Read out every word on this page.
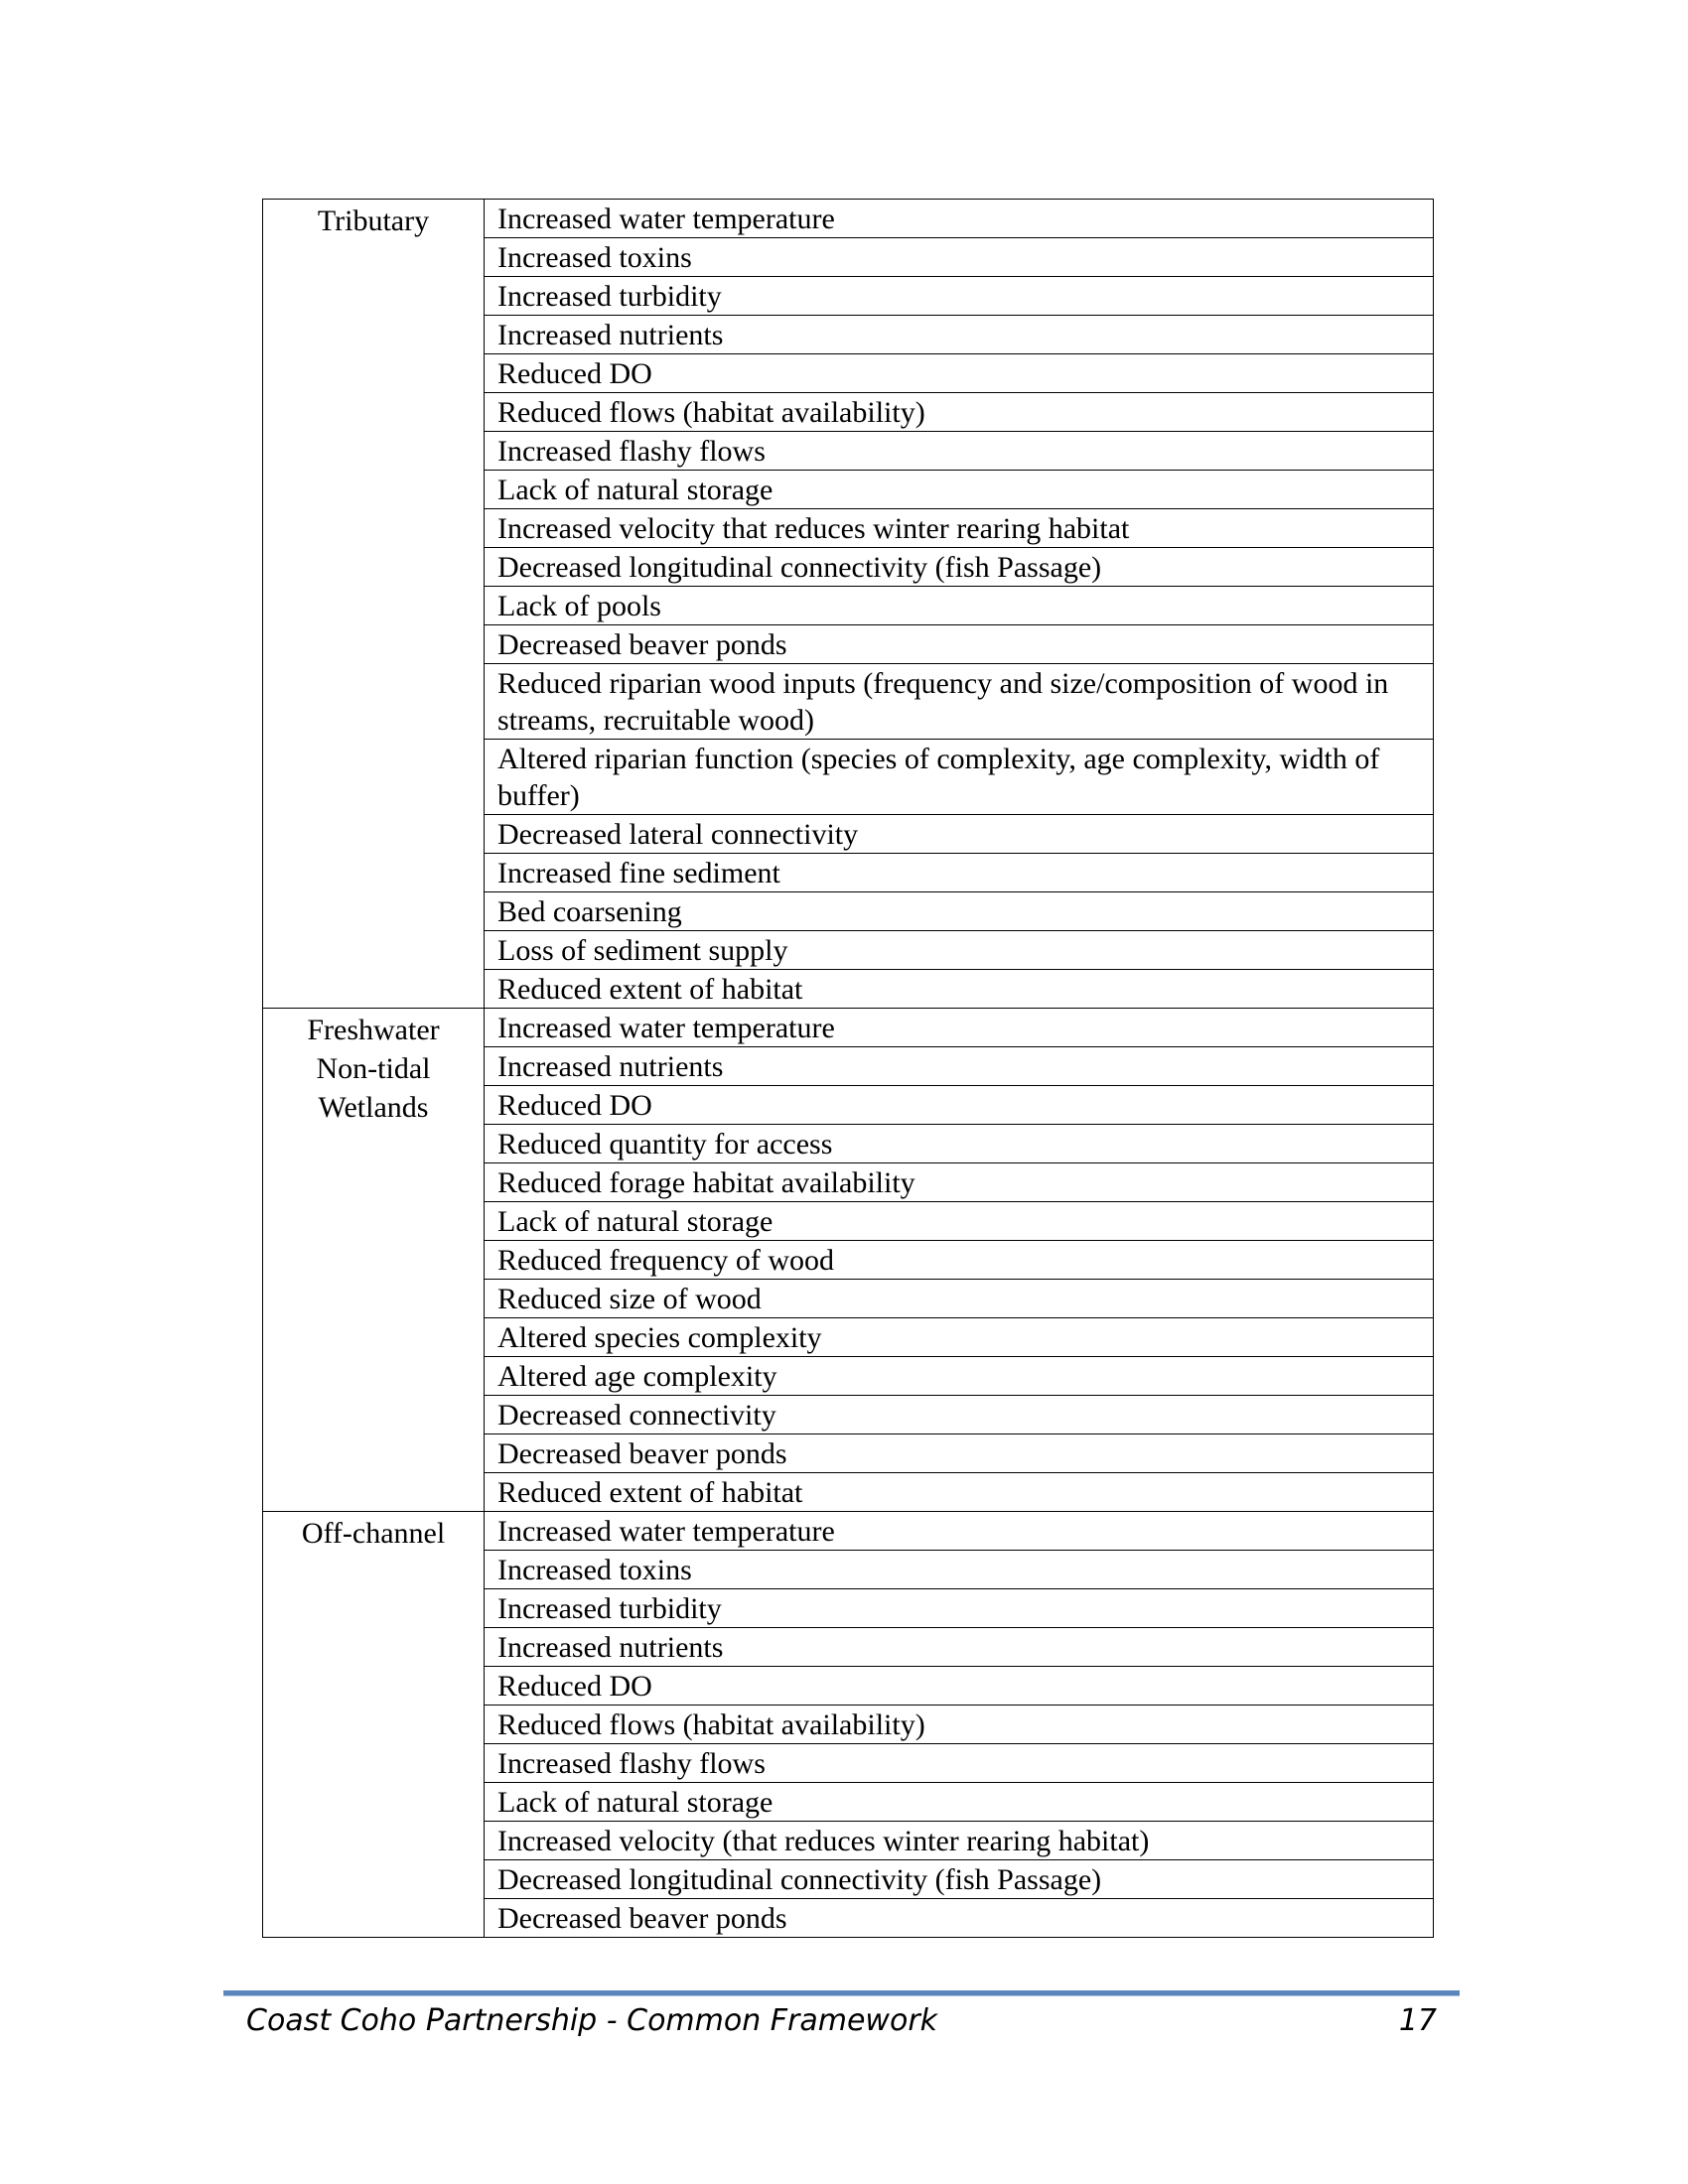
Tributary	Increased water temperature
	Increased toxins
	Increased turbidity
	Increased nutrients
	Reduced DO
	Reduced flows (habitat availability)
	Increased flashy flows
	Lack of natural storage
	Increased velocity that reduces winter rearing habitat
	Decreased longitudinal connectivity (fish Passage)
	Lack of pools
	Decreased beaver ponds
	Reduced riparian wood inputs (frequency and size/composition of wood in streams, recruitable wood)
	Altered riparian function (species of complexity, age complexity, width of buffer)
	Decreased lateral connectivity
	Increased fine sediment
	Bed coarsening
	Loss of sediment supply
	Reduced extent of habitat

Freshwater
Non-tidal
Wetlands	Increased water temperature
	Increased nutrients
	Reduced DO
	Reduced quantity for access
	Reduced forage habitat availability
	Lack of natural storage
	Reduced frequency of wood
	Reduced size of wood
	Altered species complexity
	Altered age complexity
	Decreased connectivity
	Decreased beaver ponds
	Reduced extent of habitat

Off-channel	Increased water temperature
	Increased toxins
	Increased turbidity
	Increased nutrients
	Reduced DO
	Reduced flows (habitat availability)
	Increased flashy flows
	Lack of natural storage
	Increased velocity (that reduces winter rearing habitat)
	Decreased longitudinal connectivity (fish Passage)
	Decreased beaver ponds
Coast Coho Partnership - Common Framework	17
